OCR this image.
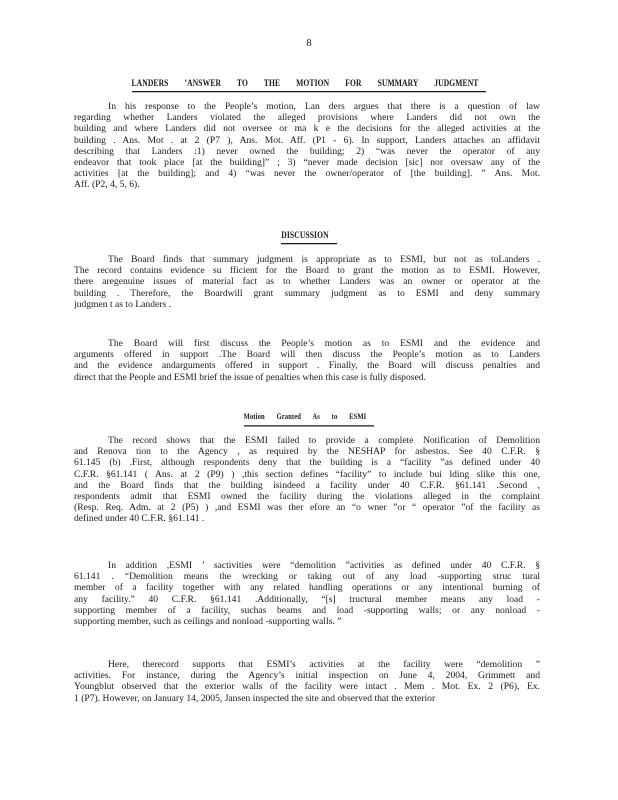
8
LANDERS ’ANSWER TO THE MOTION FOR SUMMARY JUDGMENT
In his response to the People’s motion, Lan ders argues that there is a question of law
regarding whether Landers violated the alleged provisions where Landers did not own the
building and where Landers did not oversee or ma k e the decisions for the alleged activities at the
building . Ans. Mot . at 2 (P7 ), Ans. Mot. Aff. (P1 - 6). In support, Landers attaches an affidavit
describing that Landers :1) never owned the building; 2) “was never the operator of any
endeavor that took place [at the building]” ; 3) “never made decision [sic] nor oversaw any of the
activities [at the building]; and 4) “was never the owner/operator of [the building]. ” Ans. Mot.
Aff. (P2, 4, 5, 6).
DISCUSSION
The Board finds that summary judgment is appropriate as to ESMI, but not as toLanders .
The record contains evidence su fficient for the Board to grant the motion as to ESMI. However,
there aregenuine issues of material fact as to whether Landers was an owner or operator at the
building . Therefore, the Boardwill grant summary judgment as to ESMI and deny summary
judgmen t as to Landers .
The Board will first discuss the People’s motion as to ESMI and the evidence and
arguments offered in support .The Board will then discuss the People’s motion as to Landers
and the evidence andarguments offered in support . Finally, the Board will discuss penalties and
direct that the People and ESMI brief the issue of penalties when this case is fully disposed.
Motion Granted As to ESMI
The record shows that the ESMI failed to provide a complete Notification of Demolition
and Renova tion to the Agency , as required by the NESHAP for asbestos. See 40 C.F.R. §
61.145 (b) .First, although respondents deny that the building is a “facility ”as defined under 40
C.F.R. §61.141 ( Ans. at 2 (P9) ) ,this section defines “facility” to include bui lding slike this one,
and the Board finds that the building isindeed a facility under 40 C.F.R. §61.141 .Second ,
respondents admit that ESMI owned the facility during the violations alleged in the complaint
(Resp. Req. Adm. at 2 (P5) ) ,and ESMI was ther efore an “o wner ”or “ operator ”of the facility as
defined under 40 C.F.R. §61.141 .
In addition ,ESMI ’ sactivities were “demolition ”activities as defined under 40 C.F.R. §
61.141 . “Demolition means the wrecking or taking out of any load -supporting struc tural
member of a facility together with any related handling operations or any intentional burning of
any facility.” 40 C.F.R. §61.141 .Additionally, “[s] tructural member means any load -
supporting member of a facility, suchas beams and load -supporting walls; or any nonload -
supporting member, such as ceilings and nonload -supporting walls. ”
Here, therecord supports that ESMI’s activities at the facility were “demolition ”
activities. For instance, during the Agency’s initial inspection on June 4, 2004, Grimmett and
Youngblut observed that the exterior walls of the facility were intact . Mem . Mot. Ex. 2 (P6), Ex.
1 (P7). However, on January 14, 2005, Jansen inspected the site and observed that the exterior
